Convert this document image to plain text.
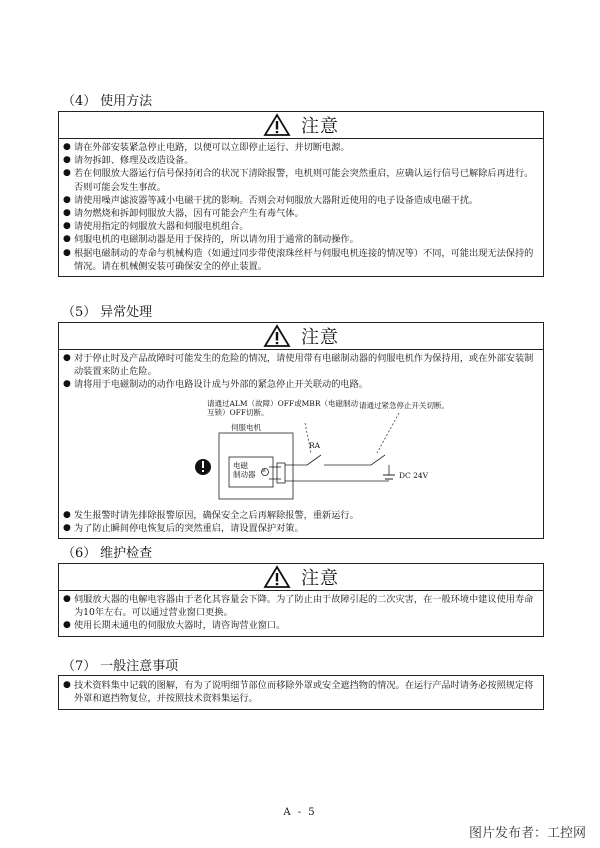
（4） 使用方法
注意
● 请在外部安装紧急停止电路，以便可以立即停止运行、并切断电源。
● 请勿拆卸、修理及改造设备。
● 若在伺服放大器运行信号保持闭合的状况下清除报警，电机则可能会突然重启，应确认运行信号已解除后再进行。否则可能会发生事故。
● 请使用噪声滤波器等减小电磁干扰的影响。否则会对伺服放大器附近使用的电子设备造成电磁干扰。
● 请勿燃烧和拆卸伺服放大器，因有可能会产生有毒气体。
● 请使用指定的伺服放大器和伺服电机组合。
● 伺服电机的电磁制动器是用于保持的，所以请勿用于通常的制动操作。
● 根据电磁制动的寿命与机械构造（如通过同步带使滚珠丝杆与伺服电机连接的情况等）不同，可能出现无法保持的情况。请在机械侧安装可确保安全的停止装置。
（5） 异常处理
注意
● 对于停止时及产品故障时可能发生的危险的情况，请使用带有电磁制动器的伺服电机作为保持用，或在外部安装制动装置来防止危险。
● 请将用于电磁制动的动作电路设计成与外部的紧急停止开关联动的电路。
请通过ALM（故障）OFF或MBR（电磁制动
互锁）OFF切断。
请通过紧急停止开关切断。
伺服电机
电磁
制动器 B
RA
DC 24V
● 发生报警时请先排除报警原因，确保安全之后再解除报警，重新运行。
● 为了防止瞬间停电恢复后的突然重启，请设置保护对策。
（6） 维护检查
注意
● 伺服放大器的电解电容器由于老化其容量会下降。为了防止由于故障引起的二次灾害，在一般环境中建议使用寿命为10年左右。可以通过营业窗口更换。
● 使用长期未通电的伺服放大器时，请咨询营业窗口。
（7） 一般注意事项
● 技术资料集中记载的图解，有为了说明细节部位而移除外罩或安全遮挡物的情况。在运行产品时请务必按照规定将外罩和遮挡物复位，并按照技术资料集运行。
A - 5
图片发布者：工控网
